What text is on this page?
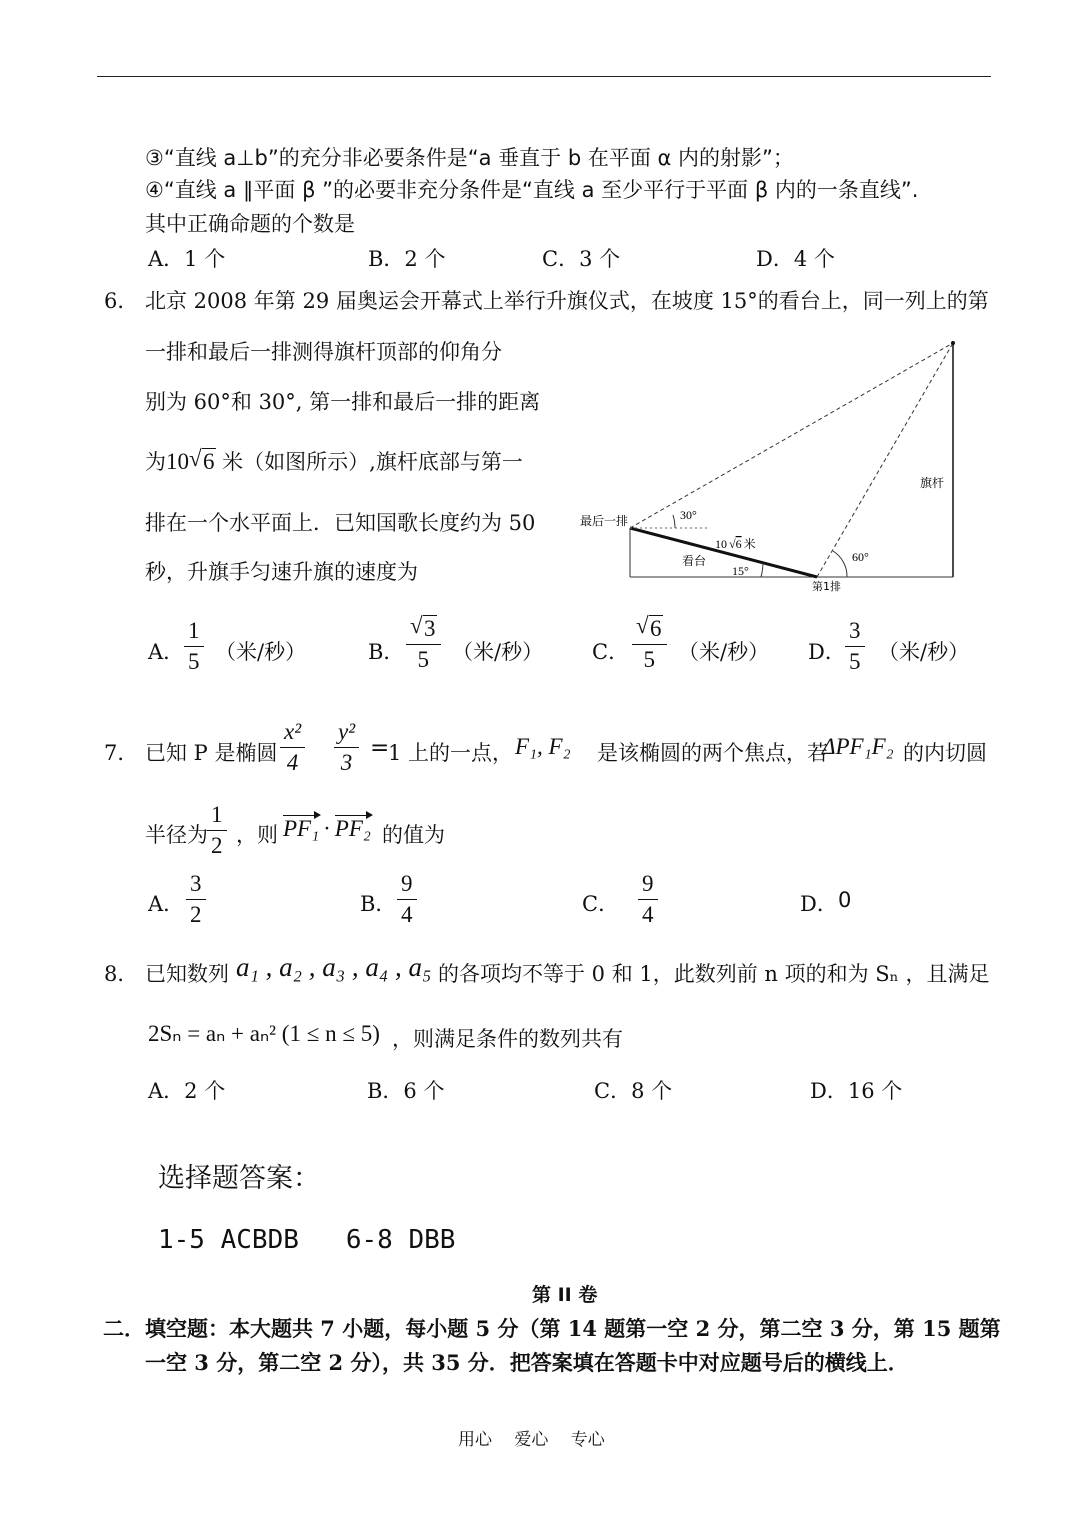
③“直线 a⊥b”的充分非必要条件是“a 垂直于 b 在平面 α 内的射影”；
④“直线 a ∥平面 β ”的必要非充分条件是“直线 a 至少平行于平面 β 内的一条直线”.
其中正确命题的个数是
A．1 个	B．2 个	C．3 个	D．4 个
6． 北京 2008 年第 29 届奥运会开幕式上举行升旗仪式，在坡度 15°的看台上，同一列上的第
一排和最后一排测得旗杆顶部的仰角分
别为 60°和 30°, 第一排和最后一排的距离
为10 √ 6 米（如图所示）,旗杆底部与第一
排在一个水平面上．已知国歌长度约为 50
秒，升旗手匀速升旗的速度为
旗杆
最后一排
第1排
看台
10 √6 米
30°
60°
15°
A． $\frac{1}{5}$ （米/秒）	B． $\frac{√ 3}{5}$ （米/秒） C． $\frac{√ 6}{5}$ （米/秒） D． $\frac{3}{5}$ （米/秒）
7． 已知 P 是椭圆 $\frac{\text{x²}}{4} \frac{\text{y²}}{3}$ =
1 上的一点， F₁, F₂ 是该椭圆的两个焦点，若
ΔPF₁F₂ 的内切圆
半径为 $\frac{1}{2}$ ，则 PF₁ · PF₂ 的值为
A． $\frac{3}{2}$	B． $\frac{9}{4}$	C． $\frac{9}{4}$	D． 0
8． 已知数列 a₁ , a₂ , a₃ , a₄ , a₅ 的各项均不等于 0 和 1，此数列前 n 项的和为 Sₙ ，且满足
2Sₙ = aₙ + aₙ² (1 ≤ n ≤ 5) ，则满足条件的数列共有
A．2 个	B．6 个	C．8 个	D．16 个
选择题答案：
1-5 ACBDB   6-8 DBB
第 II 卷
二． 填空题：本大题共 7 小题，每小题 5 分（第 14 题第一空 2 分，第二空 3 分，第 15 题第
一空 3 分，第二空 2 分），共 35 分．把答案填在答题卡中对应题号后的横线上．
用心　 爱心　 专心
